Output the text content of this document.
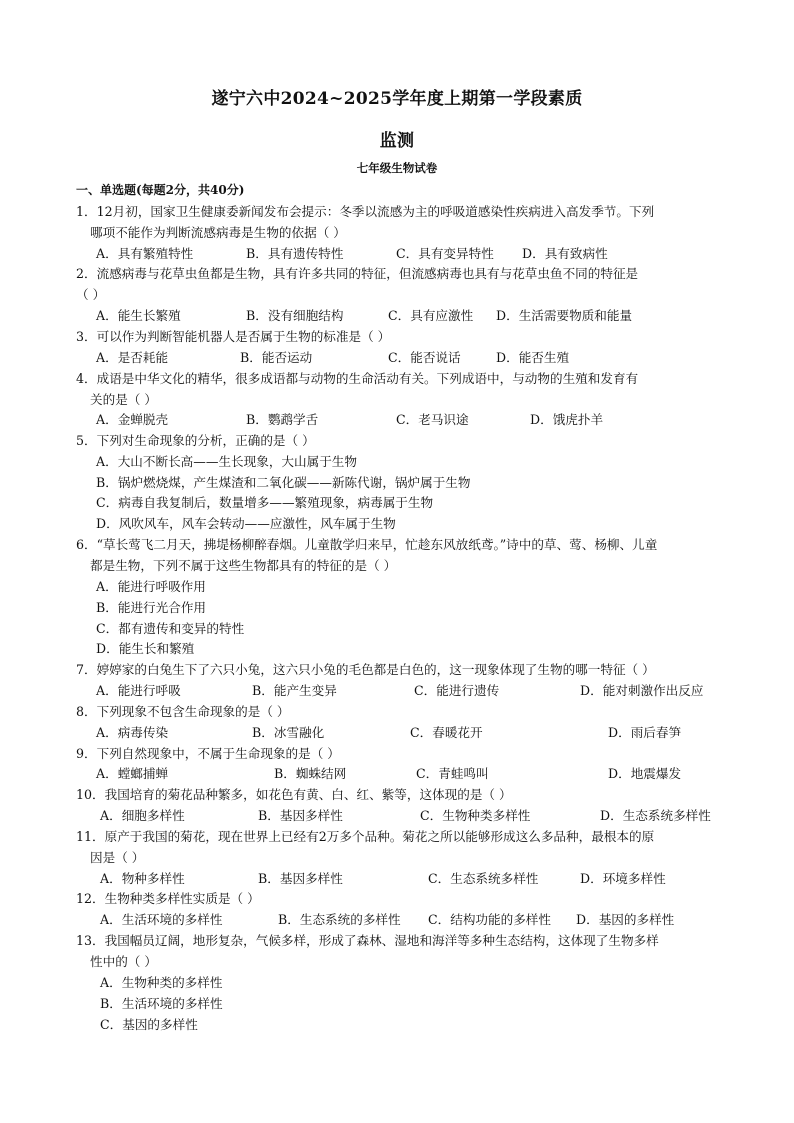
遂宁六中2024~2025学年度上期第一学段素质
监测
七年级生物试卷
一、单选题(每题2分，共40分)
1．12月初，国家卫生健康委新闻发布会提示：冬季以流感为主的呼吸道感染性疾病进入高发季节。下列
哪项不能作为判断流感病毒是生物的依据（ ）
A．具有繁殖特性	B．具有遗传特性	C．具有变异特性 D．具有致病性
2．流感病毒与花草虫鱼都是生物，具有许多共同的特征，但流感病毒也具有与花草虫鱼不同的特征是
（ ）
A．能生长繁殖	B．没有细胞结构	C．具有应激性 D．生活需要物质和能量
3．可以作为判断智能机器人是否属于生物的标准是（ ）
A．是否耗能	B．能否运动	C．能否说话	D．能否生殖
4．成语是中华文化的精华，很多成语都与动物的生命活动有关。下列成语中，与动物的生殖和发育有
关的是（ ）
A．金蝉脱壳	B．鹦鹉学舌	C．老马识途	D．饿虎扑羊
5．下列对生命现象的分析，正确的是（ ）
A．大山不断长高——生长现象，大山属于生物
B．锅炉燃烧煤，产生煤渣和二氧化碳——新陈代谢，锅炉属于生物
C．病毒自我复制后，数量增多——繁殖现象，病毒属于生物
D．风吹风车，风车会转动——应激性，风车属于生物
6．“草长莺飞二月天，拂堤杨柳醉春烟。儿童散学归来早，忙趁东风放纸鸢。”诗中的草、莺、杨柳、儿童
都是生物，下列不属于这些生物都具有的特征的是（ ）
A．能进行呼吸作用
B．能进行光合作用
C．都有遗传和变异的特性
D．能生长和繁殖
7．婷婷家的白兔生下了六只小兔，这六只小兔的毛色都是白色的，这一现象体现了生物的哪一特征（ ）
A．能进行呼吸	B．能产生变异	C．能进行遗传	D．能对刺激作出反应
8．下列现象不包含生命现象的是（ ）
A．病毒传染	B．冰雪融化	C．春暖花开	D．雨后春笋
9．下列自然现象中，不属于生命现象的是（ ）
A．螳螂捕蝉	B．蜘蛛结网	C．青蛙鸣叫	D．地震爆发
10．我国培育的菊花品种繁多，如花色有黄、白、红、紫等，这体现的是（ ）
A．细胞多样性	B．基因多样性	C．生物种类多样性	D．生态系统多样性
11．原产于我国的菊花，现在世界上已经有2万多个品种。菊花之所以能够形成这么多品种，最根本的原
因是（ ）
A．物种多样性	B．基因多样性	C．生态系统多样性	D．环境多样性
12．生物种类多样性实质是（ ）
A．生活环境的多样性	B．生态系统的多样性 C．结构功能的多样性 D．基因的多样性
13．我国幅员辽阔，地形复杂，气候多样，形成了森林、湿地和海洋等多种生态结构，这体现了生物多样
性中的（ ）
A．生物种类的多样性
B．生活环境的多样性
C．基因的多样性
